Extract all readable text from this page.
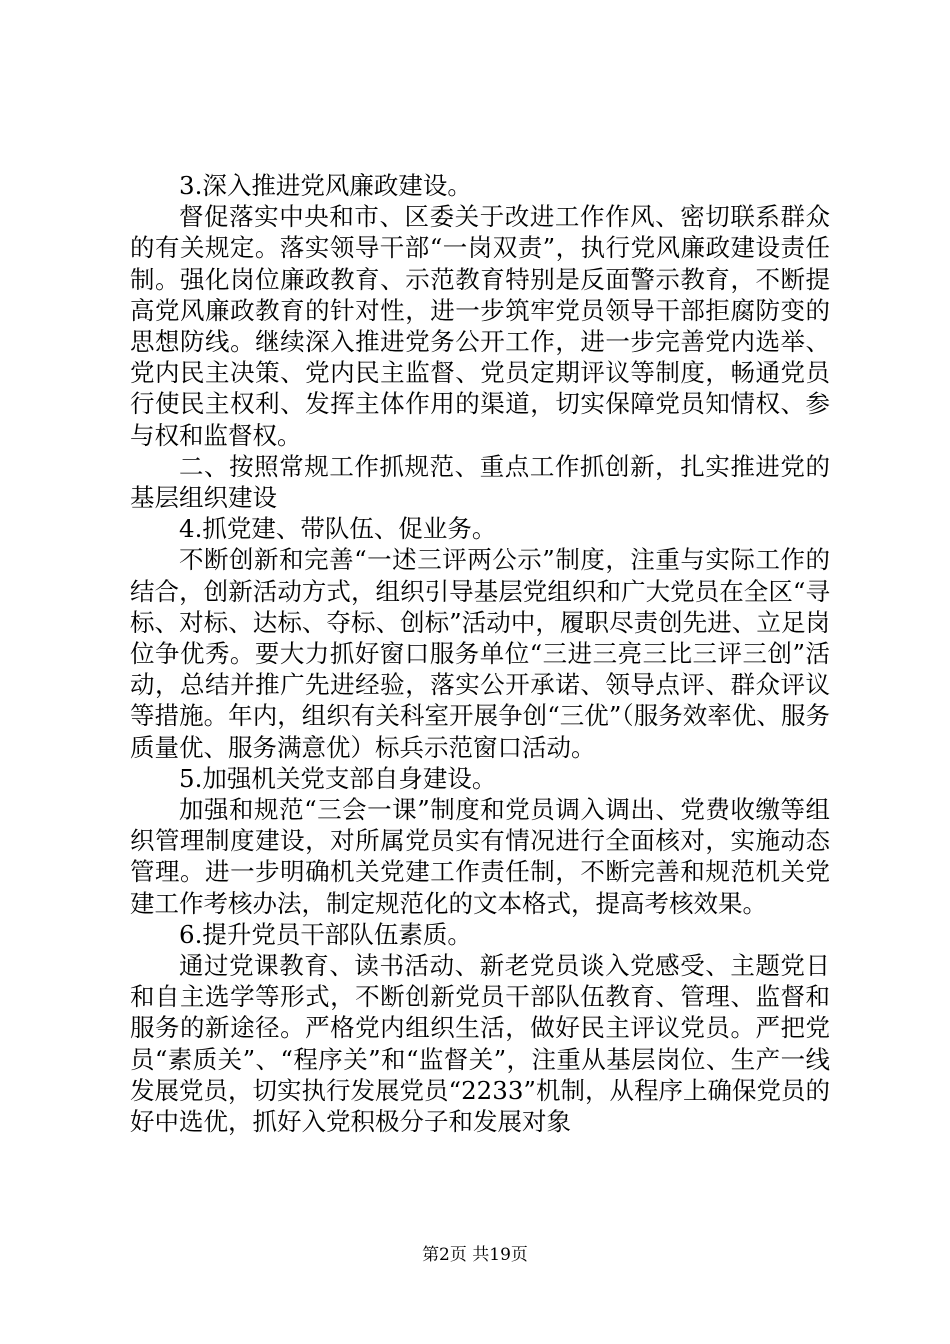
3.深入推进党风廉政建设。

督促落实中央和市、区委关于改进工作作风、密切联系群众的有关规定。落实领导干部“一岗双责”，执行党风廉政建设责任制。强化岗位廉政教育、示范教育特别是反面警示教育，不断提高党风廉政教育的针对性，进一步筑牢党员领导干部拒腐防变的思想防线。继续深入推进党务公开工作，进一步完善党内选举、党内民主决策、党内民主监督、党员定期评议等制度，畅通党员行使民主权利、发挥主体作用的渠道，切实保障党员知情权、参与权和监督权。

二、按照常规工作抓规范、重点工作抓创新，扎实推进党的基层组织建设

4.抓党建、带队伍、促业务。

不断创新和完善“一述三评两公示”制度，注重与实际工作的结合，创新活动方式，组织引导基层党组织和广大党员在全区“寻标、对标、达标、夺标、创标”活动中，履职尽责创先进、立足岗位争优秀。要大力抓好窗口服务单位“三进三亮三比三评三创”活动，总结并推广先进经验，落实公开承诺、领导点评、群众评议等措施。年内，组织有关科室开展争创“三优”（服务效率优、服务质量优、服务满意优）标兵示范窗口活动。

5.加强机关党支部自身建设。

加强和规范“三会一课”制度和党员调入调出、党费收缴等组织管理制度建设，对所属党员实有情况进行全面核对，实施动态管理。进一步明确机关党建工作责任制，不断完善和规范机关党建工作考核办法，制定规范化的文本格式，提高考核效果。

6.提升党员干部队伍素质。

通过党课教育、读书活动、新老党员谈入党感受、主题党日和自主选学等形式，不断创新党员干部队伍教育、管理、监督和服务的新途径。严格党内组织生活，做好民主评议党员。严把党员“素质关”、“程序关”和“监督关”，注重从基层岗位、生产一线发展党员，切实执行发展党员“2233”机制，从程序上确保党员的好中选优，抓好入党积极分子和发展对象

第2页 共19页
